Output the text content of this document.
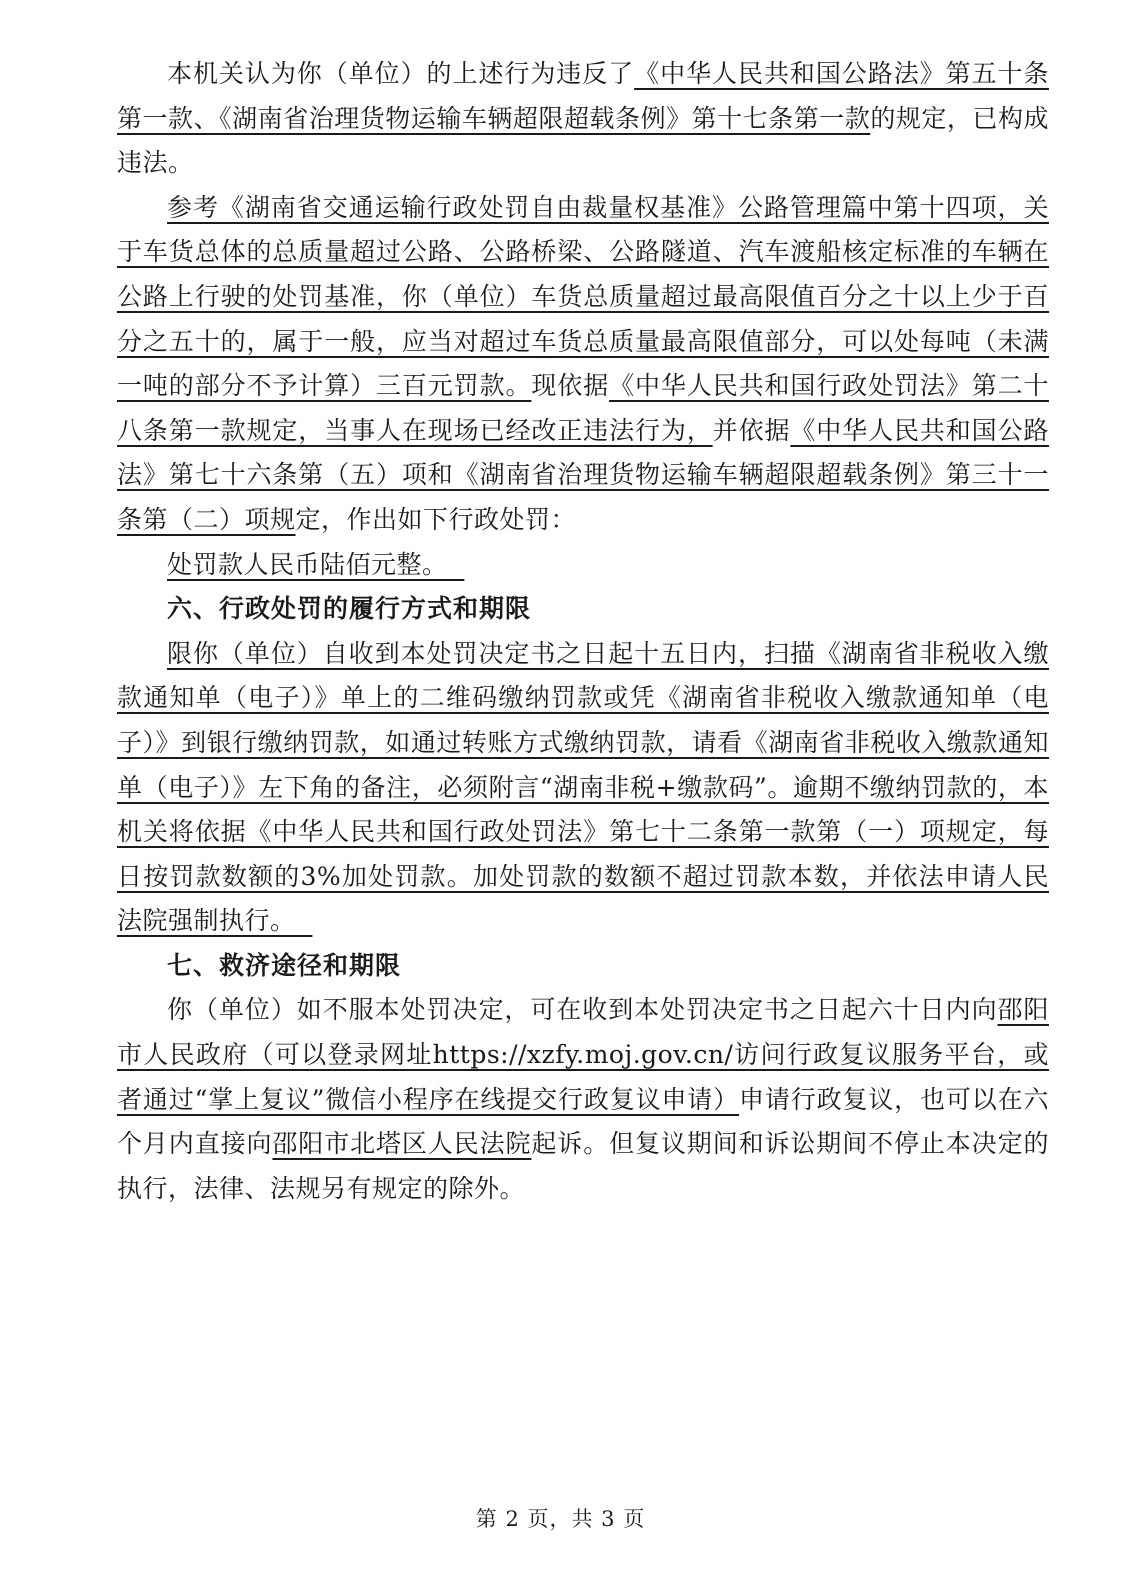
本机关认为你（单位）的上述行为违反了《中华人民共和国公路法》第五十条第一款、《湖南省治理货物运输车辆超限超载条例》第十七条第一款的规定，已构成违法。

参考《湖南省交通运输行政处罚自由裁量权基准》公路管理篇中第十四项，关于车货总体的总质量超过公路、公路桥梁、公路隧道、汽车渡船核定标准的车辆在公路上行驶的处罚基准，你（单位）车货总质量超过最高限值百分之十以上少于百分之五十的，属于一般，应当对超过车货总质量最高限值部分，可以处每吨（未满一吨的部分不予计算）三百元罚款。现依据《中华人民共和国行政处罚法》第二十八条第一款规定，当事人在现场已经改正违法行为，并依据《中华人民共和国公路法》第七十六条第（五）项和《湖南省治理货物运输车辆超限超载条例》第三十一条第（二）项规定，作出如下行政处罚：

处罚款人民币陆佰元整。

六、行政处罚的履行方式和期限

限你（单位）自收到本处罚决定书之日起十五日内，扫描《湖南省非税收入缴款通知单（电子）》单上的二维码缴纳罚款或凭《湖南省非税收入缴款通知单（电子）》到银行缴纳罚款，如通过转账方式缴纳罚款，请看《湖南省非税收入缴款通知单（电子）》左下角的备注，必须附言“湖南非税+缴款码”。逾期不缴纳罚款的，本机关将依据《中华人民共和国行政处罚法》第七十二条第一款第（一）项规定，每日按罚款数额的3%加处罚款。加处罚款的数额不超过罚款本数，并依法申请人民法院强制执行。

七、救济途径和期限

你（单位）如不服本处罚决定，可在收到本处罚决定书之日起六十日内向邵阳市人民政府（可以登录网址https://xzfy.moj.gov.cn/访问行政复议服务平台，或者通过“掌上复议”微信小程序在线提交行政复议申请）申请行政复议，也可以在六个月内直接向邵阳市北塔区人民法院起诉。但复议期间和诉讼期间不停止本决定的执行，法律、法规另有规定的除外。

第 2 页，共 3 页
